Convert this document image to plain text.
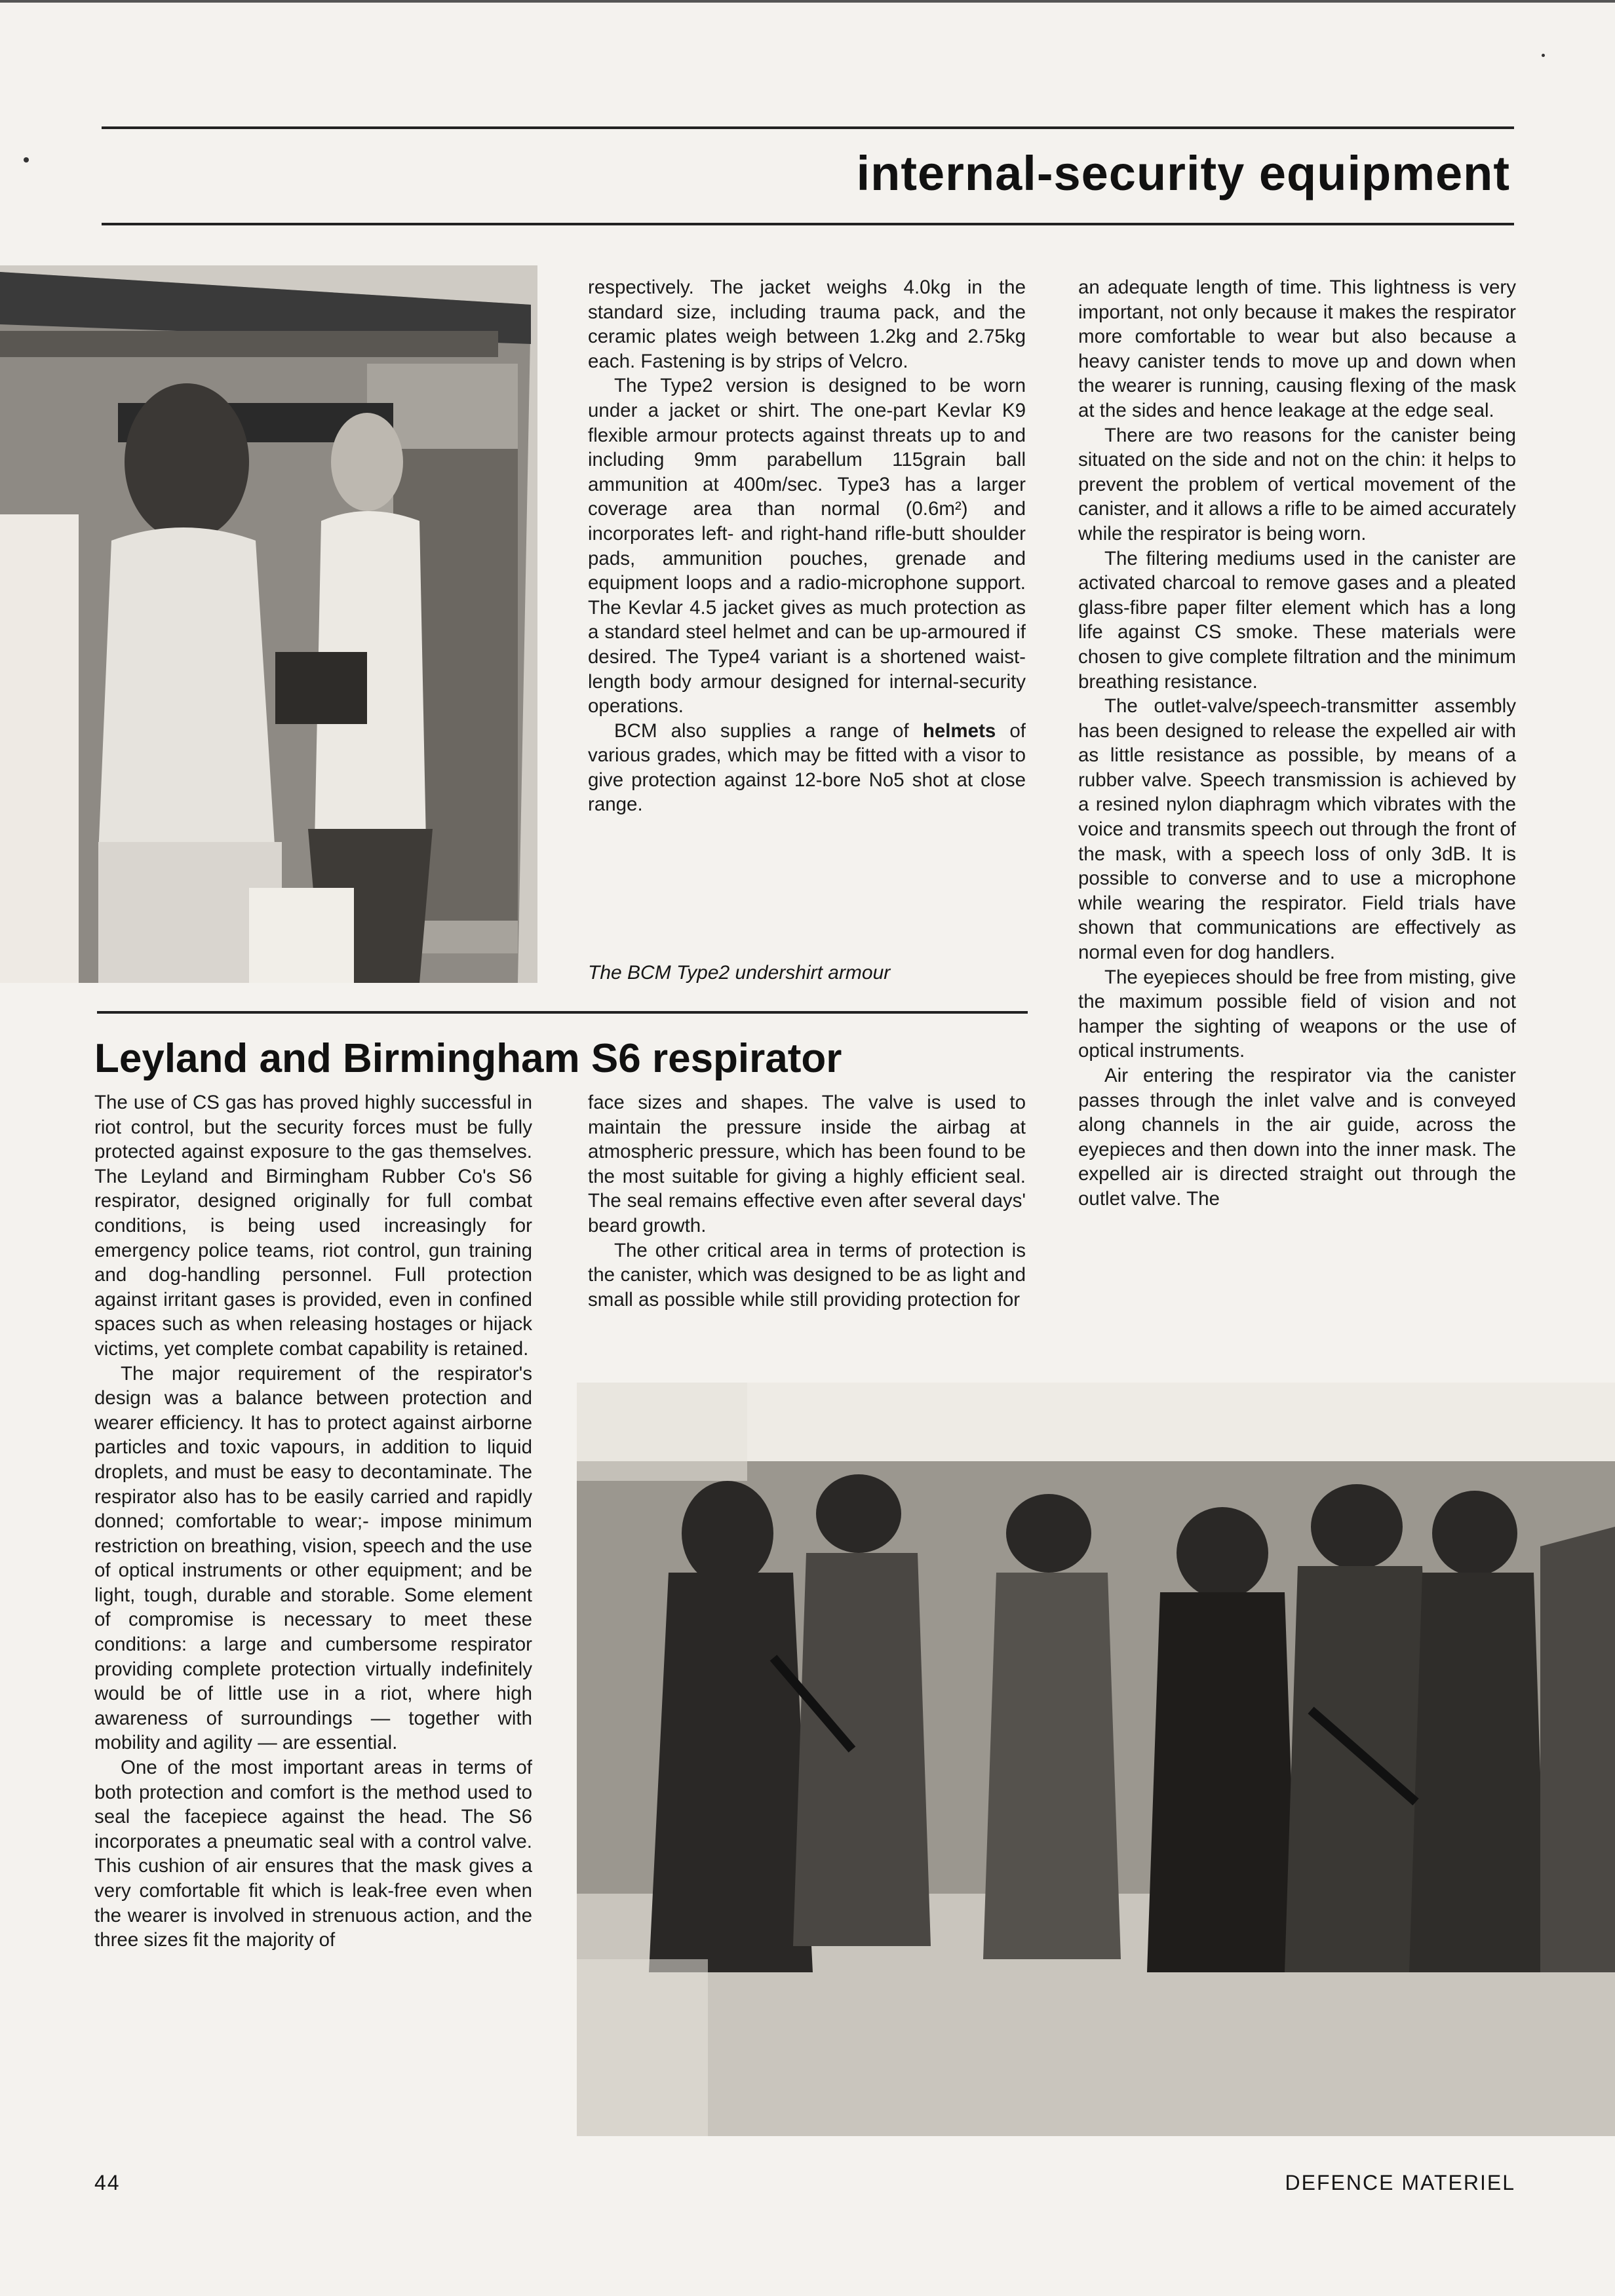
internal-security equipment

respectively. The jacket weighs 4.0kg in the standard size, including trauma pack, and the ceramic plates weigh between 1.2kg and 2.75kg each. Fastening is by strips of Velcro.

The Type2 version is designed to be worn under a jacket or shirt. The one-part Kevlar K9 flexible armour protects against threats up to and including 9mm parabellum 115grain ball ammunition at 400m/sec. Type3 has a larger coverage area than normal (0.6m²) and incorporates left- and right-hand rifle-butt shoulder pads, ammunition pouches, grenade and equipment loops and a radio-microphone support. The Kevlar 4.5 jacket gives as much protection as a standard steel helmet and can be up-armoured if desired. The Type4 variant is a shortened waist-length body armour designed for internal-security operations.

BCM also supplies a range of helmets of various grades, which may be fitted with a visor to give protection against 12-bore No5 shot at close range.

The BCM Type2 undershirt armour
Leyland and Birmingham S6 respirator

The use of CS gas has proved highly successful in riot control, but the security forces must be fully protected against exposure to the gas themselves. The Leyland and Birmingham Rubber Co's S6 respirator, designed originally for full combat conditions, is being used increasingly for emergency police teams, riot control, gun training and dog-handling personnel. Full protection against irritant gases is provided, even in confined spaces such as when releasing hostages or hijack victims, yet complete combat capability is retained.

The major requirement of the respirator's design was a balance between protection and wearer efficiency. It has to protect against airborne particles and toxic vapours, in addition to liquid droplets, and must be easy to decontaminate. The respirator also has to be easily carried and rapidly donned; comfortable to wear;- impose minimum restriction on breathing, vision, speech and the use of optical instruments or other equipment; and be light, tough, durable and storable. Some element of compromise is necessary to meet these conditions: a large and cumbersome respirator providing complete protection virtually indefinitely would be of little use in a riot, where high awareness of surroundings — together with mobility and agility — are essential.

One of the most important areas in terms of both protection and comfort is the method used to seal the facepiece against the head. The S6 incorporates a pneumatic seal with a control valve. This cushion of air ensures that the mask gives a very comfortable fit which is leak-free even when the wearer is involved in strenuous action, and the three sizes fit the majority of

face sizes and shapes. The valve is used to maintain the pressure inside the airbag at atmospheric pressure, which has been found to be the most suitable for giving a highly efficient seal. The seal remains effective even after several days' beard growth.

The other critical area in terms of protection is the canister, which was designed to be as light and small as possible while still providing protection for

an adequate length of time. This lightness is very important, not only because it makes the respirator more comfortable to wear but also because a heavy canister tends to move up and down when the wearer is running, causing flexing of the mask at the sides and hence leakage at the edge seal.

There are two reasons for the canister being situated on the side and not on the chin: it helps to prevent the problem of vertical movement of the canister, and it allows a rifle to be aimed accurately while the respirator is being worn.

The filtering mediums used in the canister are activated charcoal to remove gases and a pleated glass-fibre paper filter element which has a long life against CS smoke. These materials were chosen to give complete filtration and the minimum breathing resistance.

The outlet-valve/speech-transmitter assembly has been designed to release the expelled air with as little resistance as possible, by means of a rubber valve. Speech transmission is achieved by a resined nylon diaphragm which vibrates with the voice and transmits speech out through the front of the mask, with a speech loss of only 3dB. It is possible to converse and to use a microphone while wearing the respirator. Field trials have shown that communications are effectively as normal even for dog handlers.

The eyepieces should be free from misting, give the maximum possible field of vision and not hamper the sighting of weapons or the use of optical instruments.

Air entering the respirator via the canister passes through the inlet valve and is conveyed along channels in the air guide, across the eyepieces and then down into the inner mask. The expelled air is directed straight out through the outlet valve. The

44	DEFENCE MATERIEL
